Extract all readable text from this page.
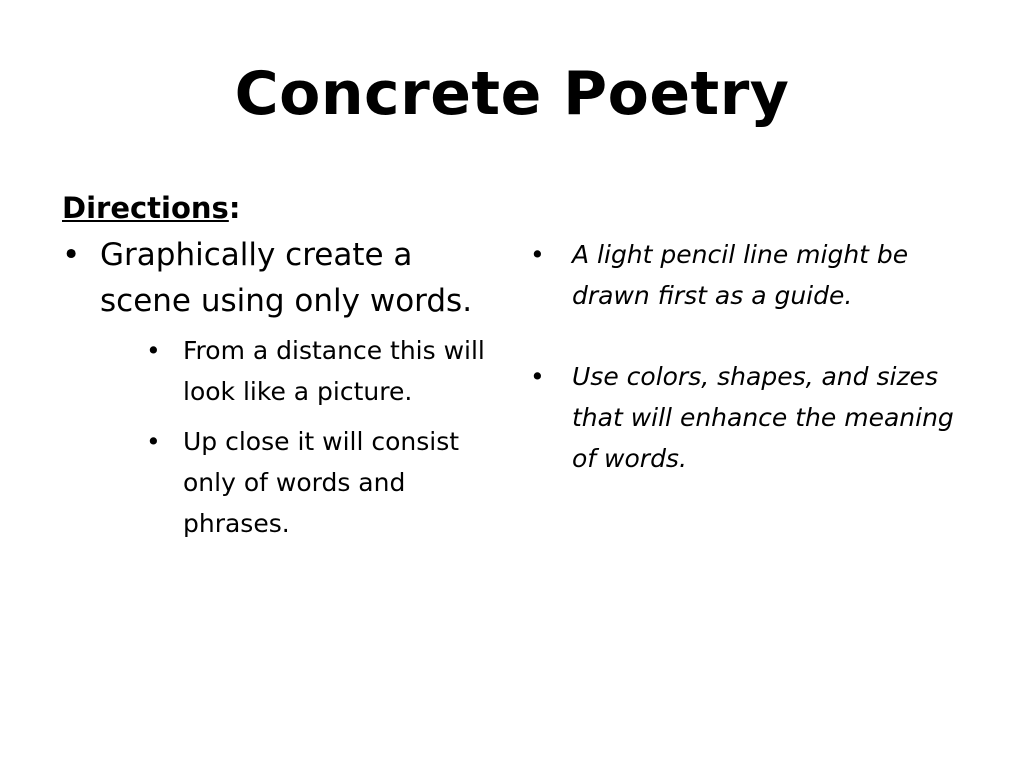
Concrete Poetry

Directions:

• Graphically create a scene using only words.
• From a distance this will look like a picture.
• Up close it will consist only of words and phrases.
• A light pencil line might be drawn first as a guide.
• Use colors, shapes, and sizes that will enhance the meaning of words.
